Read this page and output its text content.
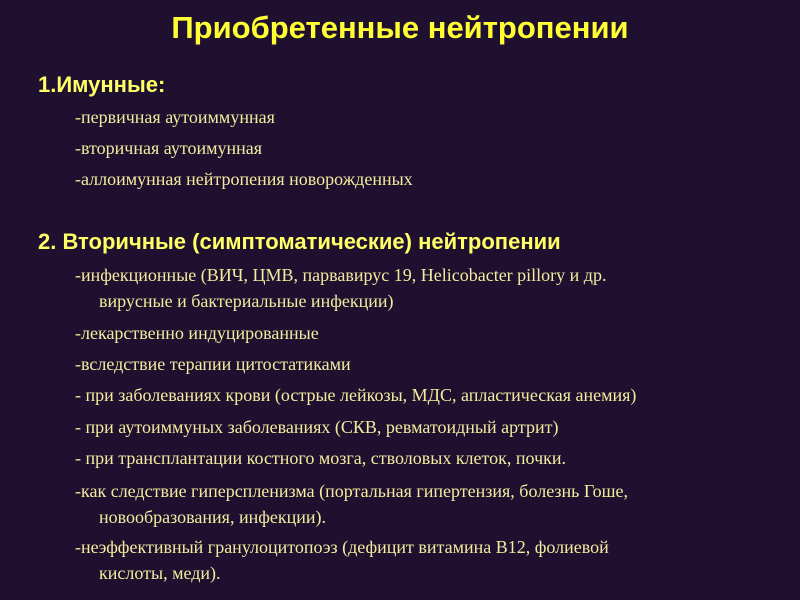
Приобретенные нейтропении
1.Имунные:
-первичная аутоиммунная
-вторичная аутоимунная
-аллоимунная нейтропения новорожденных
2. Вторичные (симптоматические) нейтропении
-инфекционные (ВИЧ, ЦМВ, парвавирус 19, Helicobacter pillory и др.
вирусные и бактериальные инфекции)
-лекарственно индуцированные
-вследствие терапии цитостатиками
- при заболеваниях крови (острые лейкозы, МДС, апластическая анемия)
- при аутоиммуных заболеваниях (СКВ, ревматоидный артрит)
- при трансплантации костного мозга, стволовых клеток, почки.
-как следствие гиперспленизма (портальная гипертензия, болезнь Гоше,
новообразования, инфекции).
-неэффективный гранулоцитопоэз (дефицит витамина В12, фолиевой
кислоты, меди).
